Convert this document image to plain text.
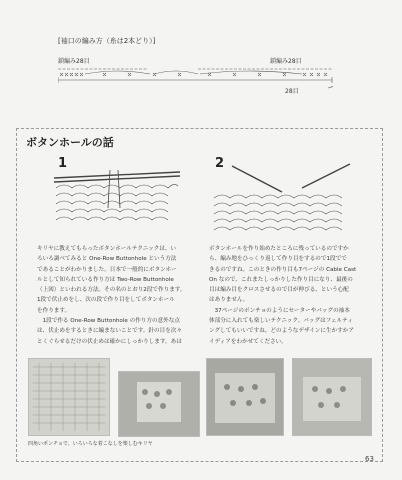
[袖口の編み方（糸は2本どり）]
鎖編み28目	鎖編み28目
28目
ボタンホールの話
1	2

キリヤに教えてもらったボタンホールテクニックは、い

ろいろ調べてみると One-Row Buttonhole という方法

であることがわかりました。日本で一般的にボタンホー

ルとして知られている作り方は Two-Row Buttonhole

（上図）といわれる方法。その名のとおり2段で作ります。

1段で伏止めをし、次の段で作り目をしてボタンホール

を作ります。

　1段で作る One-Row Buttonhole の作り方の意外な点

は、伏止めをするときに編まないことです。針の目を次々

とくぐらせるだけの伏止めは確かにしっかりします。あは

ボタンホールを作り始めたところに残っているのですか

ら、編み地をひっくり返して作り目をするので1段でで

きるのですね。このときの作り目も7ページの Cable Cast

On なので、これまたしっかりした作り目になり、最後の

目は編み目をクロスさせるので目が伸びる、という心配

はありません。

　37ページのポンチョのようにセーターやバッグの袖本

体部分に入れても楽しいテクニック。バッグはフェルティ

ングしてもいいですね。どのようなデザインに生かすかア

イディアをわかせてください。

四角いポンチョで、いろいろな着こなしを楽しむキリヤ
63
